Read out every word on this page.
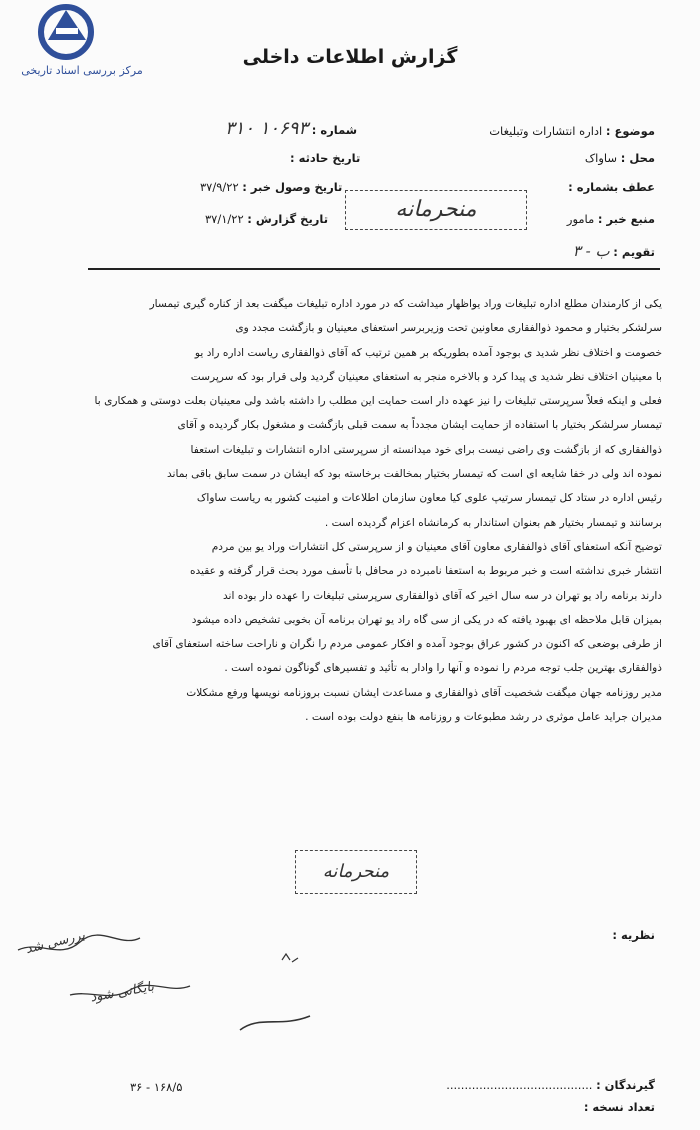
مرکز بررسی اسناد تاریخی
گزارش اطلاعات داخلی
موضوع : اداره انتشارات وتبلیغات
شماره : ۱۰۶۹۳ ۳۱۰
محل : ساواک
تاریخ حادثه :
عطف بشماره :
تاریخ وصول خبر : ۳۷/۹/۲۲
منبع خبر : مامور
منحرمانه
تاریخ گزارش : ۳۷/۱/۲۲
تقویم : ب - ۳
یکی از کارمندان مطلع اداره تبلیغات وراد یواظهار میداشت که در مورد اداره تبلیغات میگفت بعد از کناره گیری تیمسار
سرلشکر بختیار و محمود ذوالفقاری معاونین تحت وزیربرسر استعفای معینیان و بازگشت مجدد وی
خصومت و اختلاف نظر شدید ی بوجود آمده بطوریکه بر همین ترتیب که آقای ذوالفقاری ریاست اداره راد یو
با معینیان اختلاف نظر شدید ی پیدا کرد و بالاخره منجر به استعفای معینیان گردید ولی قرار بود که سرپرست
فعلی و اینکه فعلاً سرپرستی تبلیغات را نیز عهده دار است حمایت این مطلب را داشته باشد ولی معینیان بعلت دوستی و همکاری با
تیمسار سرلشکر بختیار با استفاده از حمایت ایشان مجدداً به سمت قبلی بازگشت و مشغول بکار گردیده و آقای
ذوالفقاری که از بازگشت وی راضی نیست برای خود میدانسته از سرپرستی اداره انتشارات و تبلیغات استعفا
نموده اند ولی در خفا شایعه ای است که تیمسار بختیار بمخالفت برخاسته بود که ایشان در سمت سابق باقی بماند
رئیس اداره در ستاد کل تیمسار سرتیپ علوی کیا معاون سازمان اطلاعات و امنیت کشور به ریاست ساواک
برسانند و تیمسار بختیار هم بعنوان استاندار به کرمانشاه اعزام گردیده است .
توضیح آنکه استعفای آقای ذوالفقاری معاون آقای معینیان و از سرپرستی کل انتشارات وراد یو بین مردم
انتشار خبری نداشته است و خبر مربوط به استعفا نامبرده در محافل با تأسف مورد بحث قرار گرفته و عقیده
دارند برنامه راد یو تهران در سه سال اخیر که آقای ذوالفقاری سرپرستی تبلیغات را عهده دار بوده اند
بمیزان قابل ملاحظه ای بهبود یافته که در یکی از سی گاه راد یو تهران برنامه آن بخوبی تشخیص داده میشود
از طرفی بوضعی که اکنون در کشور عراق بوجود آمده و افکار عمومی مردم را نگران و ناراحت ساخته استعفای آقای
ذوالفقاری بهترین جلب توجه مردم را نموده و آنها را وادار به تأئید و تفسیرهای گوناگون نموده است .
مدیر روزنامه جهان میگفت شخصیت آقای ذوالفقاری و مساعدت ایشان نسبت بروزنامه نویسها ورفع مشکلات
مدیران جراید عامل موثری در رشد مطبوعات و روزنامه ها بنفع دولت بوده است .
منحرمانه
نظریه :
بررسی شد
بایگانی شود
گیرندگان : ........................................
تعداد نسخه :
۳۶ - ۱۶۸/۵
